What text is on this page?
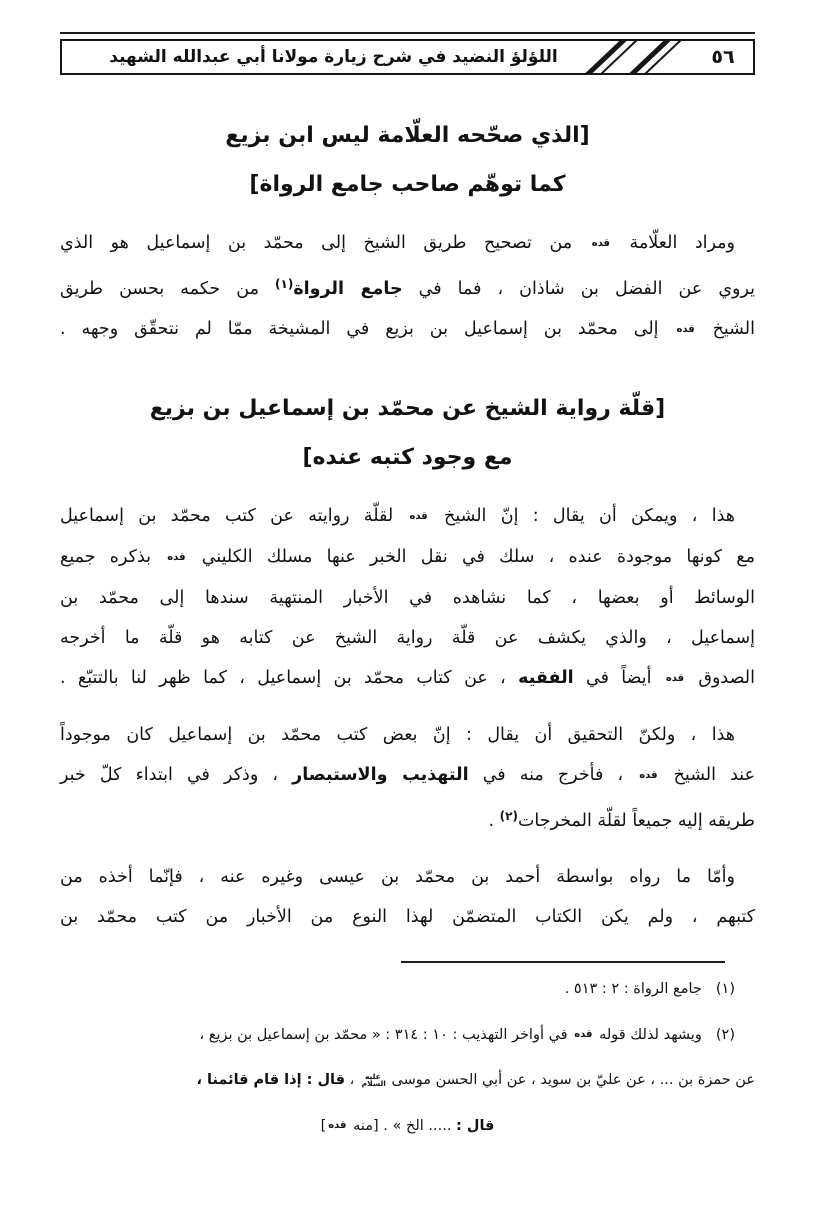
٥٦
اللؤلؤ النضيد في شرح زيارة مولانا أبي عبدالله الشهيد
[الذي صحّحه العلّامة ليس ابن بزيع
كما توهّم صاحب جامع الرواة]
ومراد العلّامة قده من تصحيح طريق الشيخ إلى محمّد بن إسماعيل هو الذي
يروي عن الفضل بن شاذان ، فما في جامع الرواة$^{(١)}$ من حكمه بحسن طريق
الشيخ قده إلى محمّد بن إسماعيل بن بزيع في المشيخة ممّا لم نتحقّق وجهه .
[قلّة رواية الشيخ عن محمّد بن إسماعيل بن بزيع
مع وجود كتبه عنده]
هذا ، ويمكن أن يقال : إنّ الشيخ قده لقلّة روايته عن كتب محمّد بن إسماعيل
مع كونها موجودة عنده ، سلك في نقل الخبر عنها مسلك الكليني قده بذكره جميع
الوسائط أو بعضها ، كما نشاهده في الأخبار المنتهية سندها إلى محمّد بن
إسماعيل ، والذي يكشف عن قلّة رواية الشيخ عن كتابه هو قلّة ما أخرجه
الصدوق قده أيضاً في الفقيه ، عن كتاب محمّد بن إسماعيل ، كما ظهر لنا بالتتبّع .
هذا ، ولكنّ التحقيق أن يقال : إنّ بعض كتب محمّد بن إسماعيل كان موجوداً
عند الشيخ قده ، فأخرج منه في التهذيب والاستبصار ، وذكر في ابتداء كلّ خبر
طريقه إليه جميعاً لقلّة المخرجات$^{(٢)}$ .
وأمّا ما رواه بواسطة أحمد بن محمّد بن عيسى وغيره عنه ، فإنّما أخذه من
كتبهم ، ولم يكن الكتاب المتضمّن لهذا النوع من الأخبار من كتب محمّد بن
(١)جامع الرواة : ٢ : ٥١٣ .
(٢)ويشهد لذلك قوله قده في أواخر التهذيب : ١٠ : ٣١٤ : « محمّد بن إسماعيل بن بزيع ،
عن حمزة بن ... ، عن عليّ بن سويد ، عن أبي الحسن موسى عليه السلام ، قال : إذا قام قائمنا ،
قال : ..... الخ » . [منه قده]
